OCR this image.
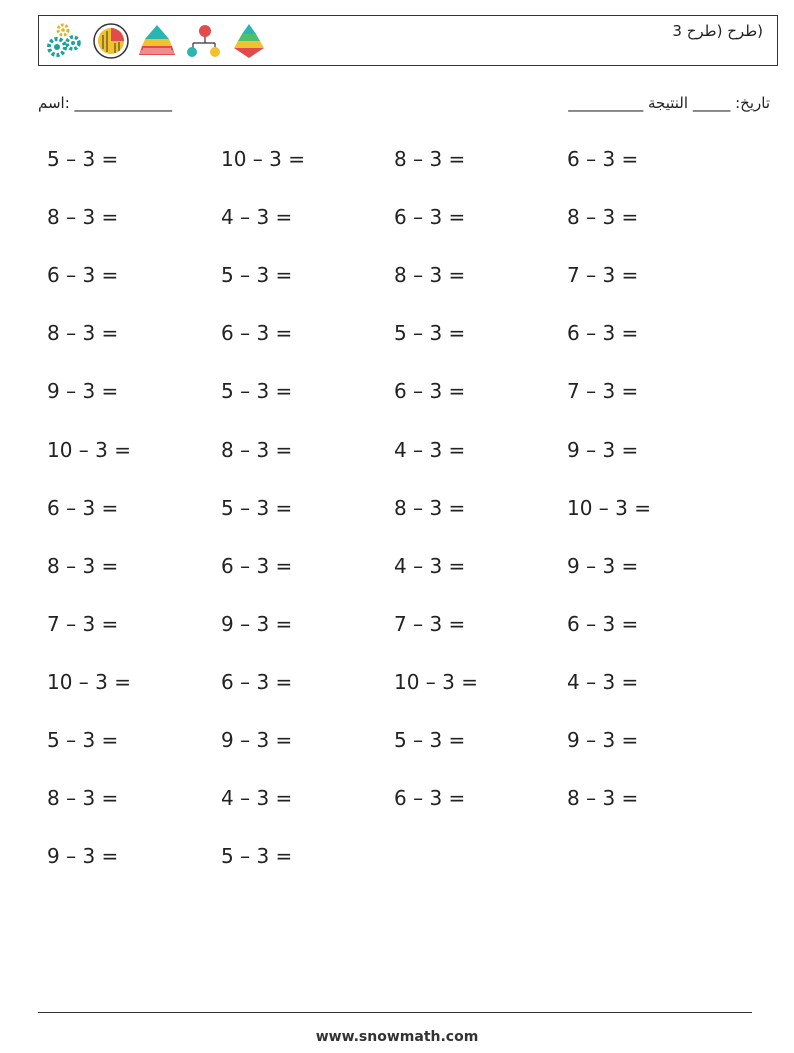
(طرح (طرح 3
اسم: _____________	تاريخ: _____ النتيجة __________
5 – 3 =	10 – 3 =	8 – 3 =	6 – 3 =
8 – 3 =	4 – 3 =	6 – 3 =	8 – 3 =
6 – 3 =	5 – 3 =	8 – 3 =	7 – 3 =
8 – 3 =	6 – 3 =	5 – 3 =	6 – 3 =
9 – 3 =	5 – 3 =	6 – 3 =	7 – 3 =
10 – 3 =	8 – 3 =	4 – 3 =	9 – 3 =
6 – 3 =	5 – 3 =	8 – 3 =	10 – 3 =
8 – 3 =	6 – 3 =	4 – 3 =	9 – 3 =
7 – 3 =	9 – 3 =	7 – 3 =	6 – 3 =
10 – 3 =	6 – 3 =	10 – 3 =	4 – 3 =
5 – 3 =	9 – 3 =	5 – 3 =	9 – 3 =
8 – 3 =	4 – 3 =	6 – 3 =	8 – 3 =
9 – 3 =	5 – 3 =
www.snowmath.com
